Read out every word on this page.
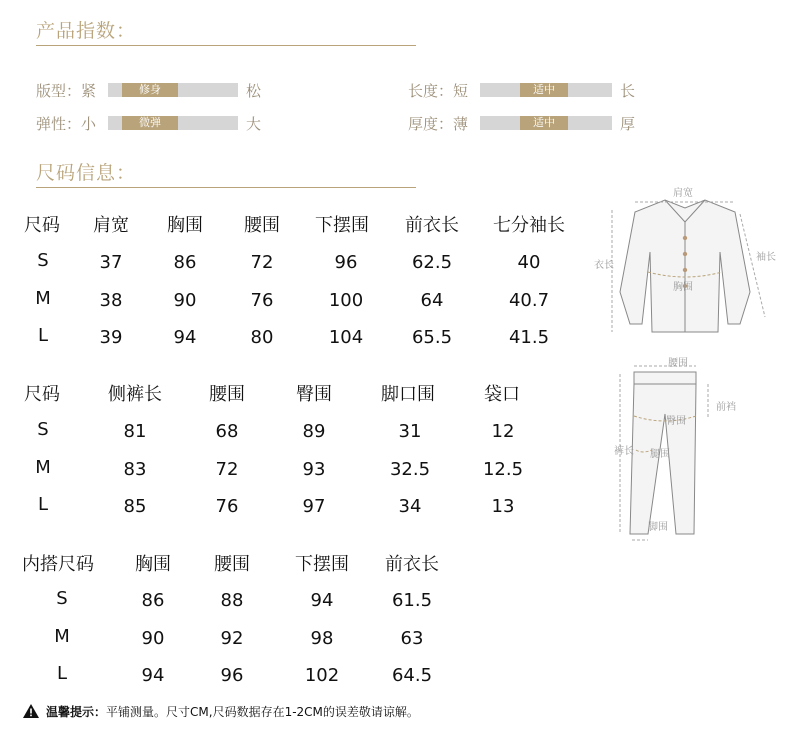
产品指数：
版型：紧	修身	松
弹性：小	微弹	大
长度：短	适中	长
厚度：薄	适中	厚
尺码信息：
尺码 肩宽 胸围 腰围 下摆围 前衣长 七分袖长
S	37	86	72	96	62.5	40
M	38	90	76	100	64	40.7
L	39	94	80	104	65.5	41.5
尺码	侧裤长	腰围	臀围	脚口围	袋口
S	81	68	89	31	12
M	83	72	93	32.5	12.5
L	85	76	97	34	13
内搭尺码 胸围 腰围	下摆围 前衣长
S	86	88	94	61.5
M	90	92	98	63
L	94	96	102	64.5
肩宽
衣长
袖长
胸围
腰围
前裆
臀围
裤长 腿围
脚围
温馨提示：平铺测量。尺寸CM,尺码数据存在1-2CM的误差敬请谅解。
